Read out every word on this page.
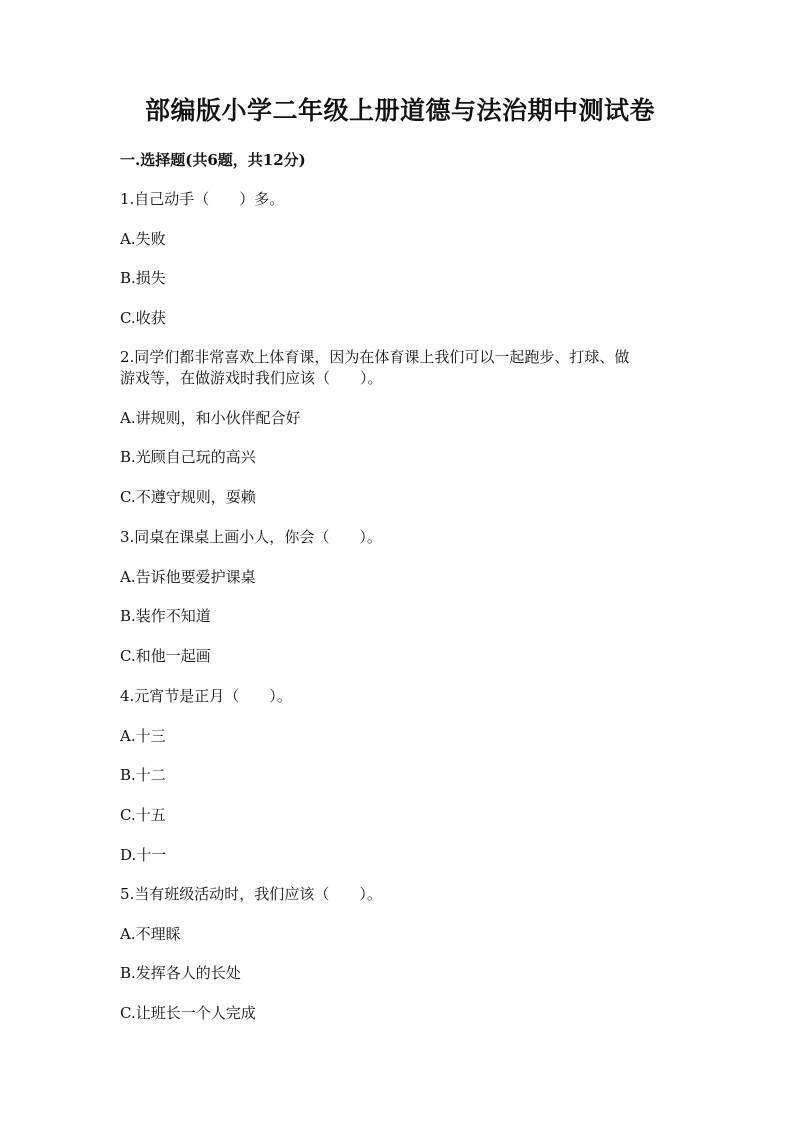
部编版小学二年级上册道德与法治期中测试卷
一.选择题(共6题，共12分)
1.自己动手（　　）多。
A.失败
B.损失
C.收获
2.同学们都非常喜欢上体育课，因为在体育课上我们可以一起跑步、打球、做
游戏等，在做游戏时我们应该（　　）。
A.讲规则，和小伙伴配合好
B.光顾自己玩的高兴
C.不遵守规则，耍赖
3.同桌在课桌上画小人，你会（　　）。
A.告诉他要爱护课桌
B.装作不知道
C.和他一起画
4.元宵节是正月（　　）。
A.十三
B.十二
C.十五
D.十一
5.当有班级活动时，我们应该（　　）。
A.不理睬
B.发挥各人的长处
C.让班长一个人完成
